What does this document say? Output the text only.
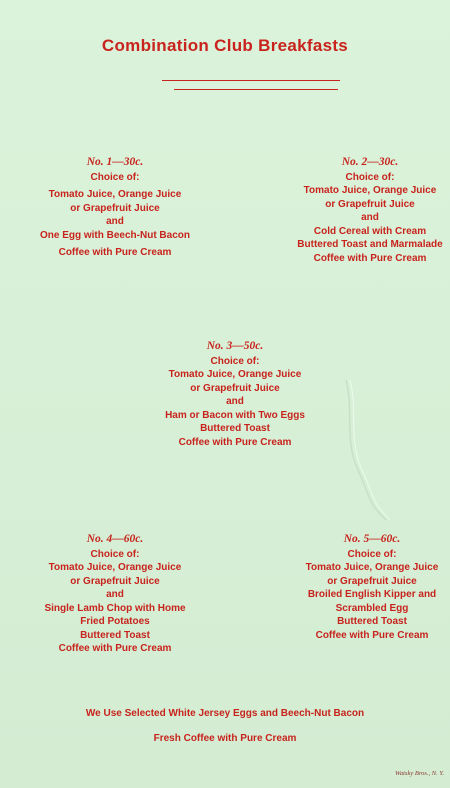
Combination Club Breakfasts
No. 1—30c.
Choice of:
Tomato Juice, Orange Juice
or Grapefruit Juice
and
One Egg with Beech-Nut Bacon
Coffee with Pure Cream
No. 2—30c.
Choice of:
Tomato Juice, Orange Juice
or Grapefruit Juice
and
Cold Cereal with Cream
Buttered Toast and Marmalade
Coffee with Pure Cream
No. 3—50c.
Choice of:
Tomato Juice, Orange Juice
or Grapefruit Juice
and
Ham or Bacon with Two Eggs
Buttered Toast
Coffee with Pure Cream
No. 4—60c.
Choice of:
Tomato Juice, Orange Juice
or Grapefruit Juice
and
Single Lamb Chop with Home
Fried Potatoes
Buttered Toast
Coffee with Pure Cream
No. 5—60c.
Choice of:
Tomato Juice, Orange Juice
or Grapefruit Juice
Broiled English Kipper and
Scrambled Egg
Buttered Toast
Coffee with Pure Cream
We Use Selected White Jersey Eggs and Beech-Nut Bacon
Fresh Coffee with Pure Cream
Watsky Bros., N. Y.
